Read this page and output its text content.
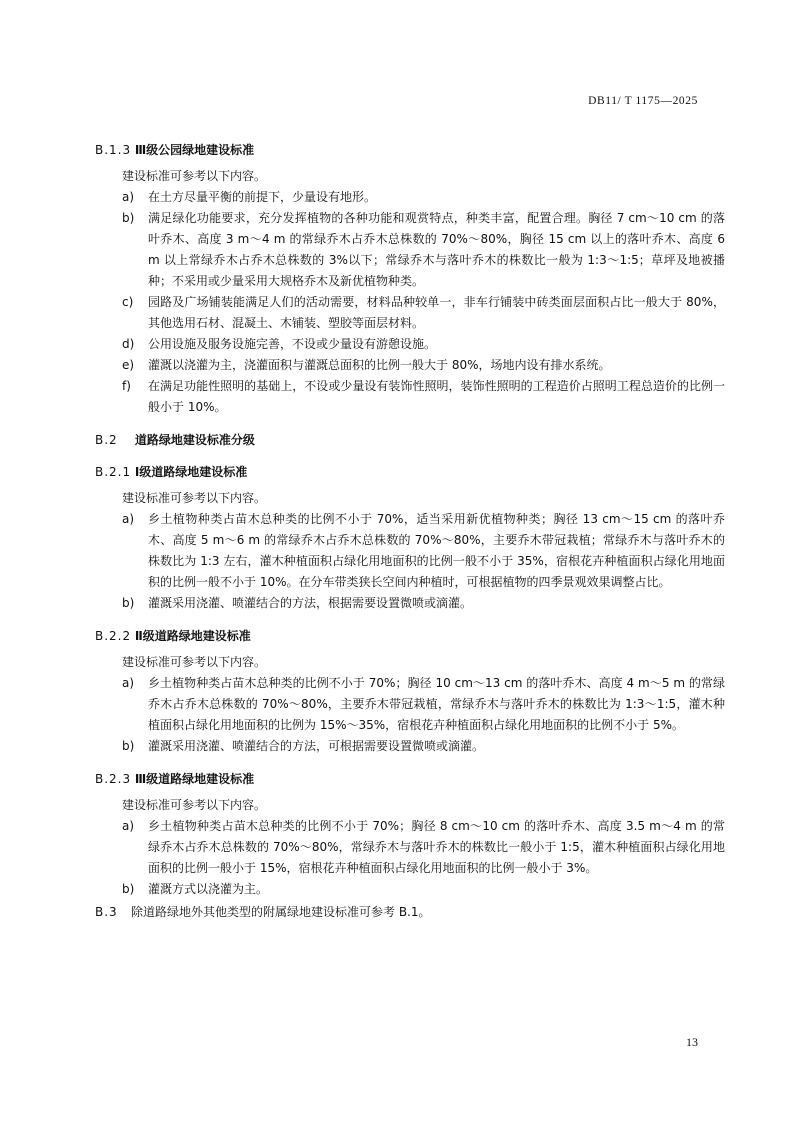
DB11/ T 1175—2025
B.1.3 Ⅲ级公园绿地建设标准
建设标准可参考以下内容。
a)	在土方尽量平衡的前提下，少量设有地形。
b)	满足绿化功能要求，充分发挥植物的各种功能和观赏特点，种类丰富，配置合理。胸径 7 cm～10 cm 的落叶乔木、高度 3 m～4 m 的常绿乔木占乔木总株数的 70%～80%，胸径 15 cm 以上的落叶乔木、高度 6 m 以上常绿乔木占乔木总株数的 3%以下；常绿乔木与落叶乔木的株数比一般为 1:3～1:5；草坪及地被播种；不采用或少量采用大规格乔木及新优植物种类。
c)	园路及广场铺装能满足人们的活动需要，材料品种较单一，非车行铺装中砖类面层面积占比一般大于 80%，其他选用石材、混凝土、木铺装、塑胶等面层材料。
d)	公用设施及服务设施完善，不设或少量设有游憩设施。
e)	灌溉以浇灌为主，浇灌面积与灌溉总面积的比例一般大于 80%，场地内设有排水系统。
f)	在满足功能性照明的基础上，不设或少量设有装饰性照明，装饰性照明的工程造价占照明工程总造价的比例一般小于 10%。
B.2 道路绿地建设标准分级
B.2.1 Ⅰ级道路绿地建设标准
建设标准可参考以下内容。
a)	乡土植物种类占苗木总种类的比例不小于 70%，适当采用新优植物种类；胸径 13 cm～15 cm 的落叶乔木、高度 5 m～6 m 的常绿乔木占乔木总株数的 70%～80%，主要乔木带冠栽植；常绿乔木与落叶乔木的株数比为 1:3 左右，灌木种植面积占绿化用地面积的比例一般不小于 35%，宿根花卉种植面积占绿化用地面积的比例一般不小于 10%。在分车带类狭长空间内种植时，可根据植物的四季景观效果调整占比。
b)	灌溉采用浇灌、喷灌结合的方法，根据需要设置微喷或滴灌。
B.2.2 Ⅱ级道路绿地建设标准
建设标准可参考以下内容。
a)	乡土植物种类占苗木总种类的比例不小于 70%；胸径 10 cm～13 cm 的落叶乔木、高度 4 m～5 m 的常绿乔木占乔木总株数的 70%～80%，主要乔木带冠栽植，常绿乔木与落叶乔木的株数比为 1:3～1:5，灌木种植面积占绿化用地面积的比例为 15%～35%，宿根花卉种植面积占绿化用地面积的比例不小于 5%。
b)	灌溉采用浇灌、喷灌结合的方法，可根据需要设置微喷或滴灌。
B.2.3 Ⅲ级道路绿地建设标准
建设标准可参考以下内容。
a)	乡土植物种类占苗木总种类的比例不小于 70%；胸径 8 cm～10 cm 的落叶乔木、高度 3.5 m～4 m 的常绿乔木占乔木总株数的 70%～80%，常绿乔木与落叶乔木的株数比一般小于 1:5，灌木种植面积占绿化用地面积的比例一般小于 15%，宿根花卉种植面积占绿化用地面积的比例一般小于 3%。
b)	灌溉方式以浇灌为主。
B.3 除道路绿地外其他类型的附属绿地建设标准可参考 B.1。
13
